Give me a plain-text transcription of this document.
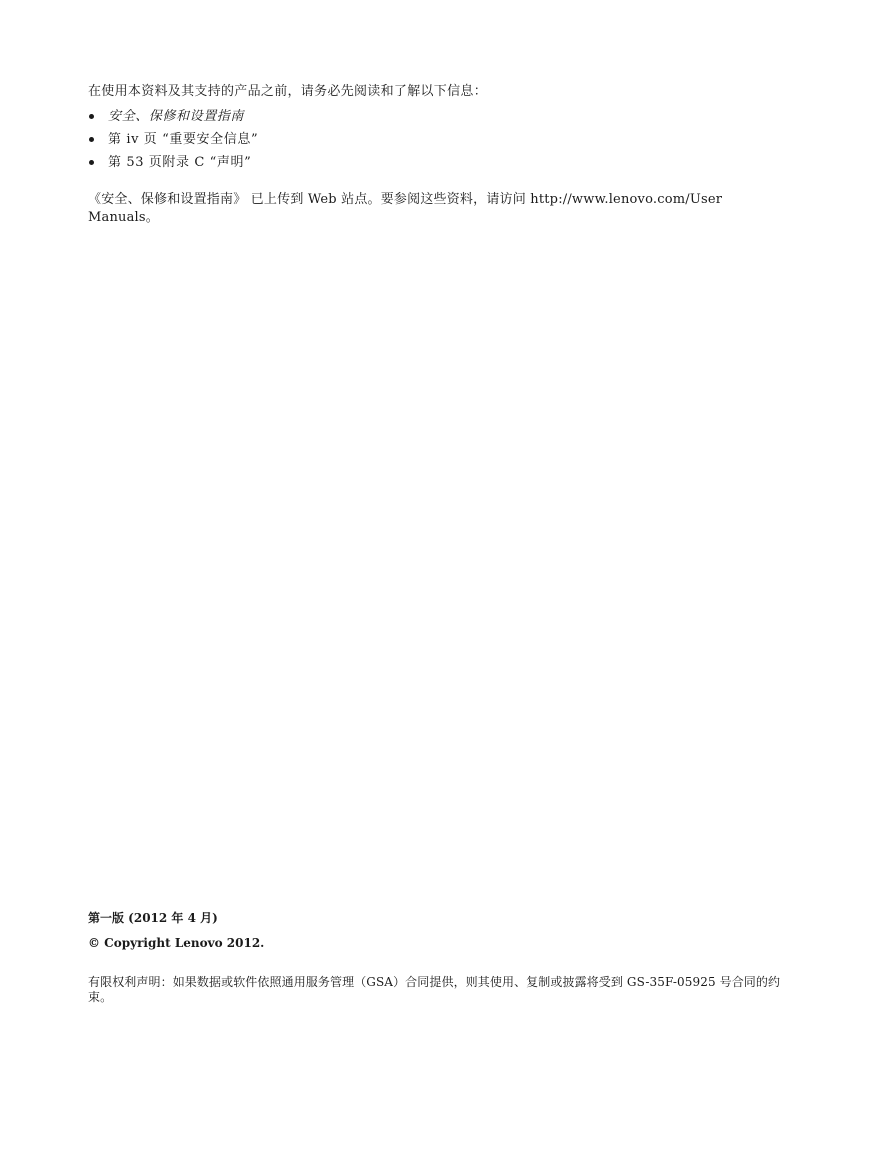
在使用本资料及其支持的产品之前，请务必先阅读和了解以下信息：
安全、保修和设置指南
第 iv 页 “重要安全信息”
第 53 页附录 C “声明”
《安全、保修和设置指南》 已上传到 Web 站点。要参阅这些资料，请访问 http://www.lenovo.com/User Manuals。
第一版 (2012 年 4 月)
© Copyright Lenovo 2012.
有限权利声明：如果数据或软件依照通用服务管理（GSA）合同提供，则其使用、复制或披露将受到 GS-35F-05925 号合同的约束。
